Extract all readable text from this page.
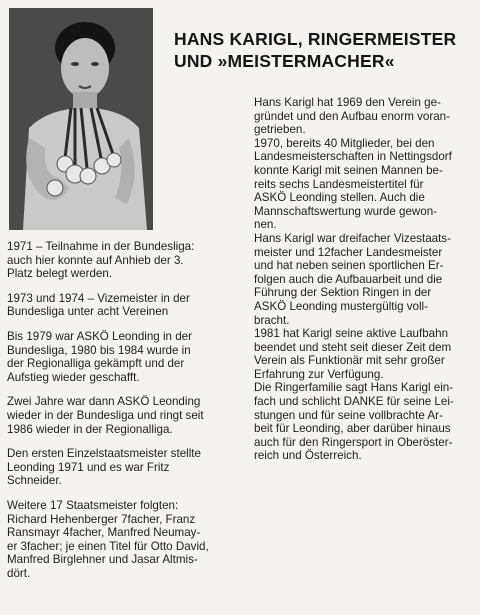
HANS KARIGL, RINGERMEISTER
UND »MEISTERMACHER«

Hans Karigl hat 1969 den Verein ge-
gründet und den Aufbau enorm voran-
getrieben.
1970, bereits 40 Mitglieder, bei den
Landesmeisterschaften in Nettingsdorf
konnte Karigl mit seinen Mannen be-
reits sechs Landesmeistertitel für
ASKÖ Leonding stellen. Auch die
Mannschaftswertung wurde gewon-
nen.
Hans Karigl war dreifacher Vizestaats-
meister und 12facher Landesmeister
und hat neben seinen sportlichen Er-
folgen auch die Aufbauarbeit und die
Führung der Sektion Ringen in der
ASKÖ Leonding mustergültig voll-
bracht.
1981 hat Karigl seine aktive Laufbahn
beendet und steht seit dieser Zeit dem
Verein als Funktionär mit sehr großer
Erfahrung zur Verfügung.
Die Ringerfamilie sagt Hans Karigl ein-
fach und schlicht DANKE für seine Lei-
stungen und für seine vollbrachte Ar-
beit für Leonding, aber darüber hinaus
auch für den Ringersport in Oberöster-
reich und Österreich.

1971 – Teilnahme in der Bundesliga:
auch hier konnte auf Anhieb der 3.
Platz belegt werden.

1973 und 1974 – Vizemeister in der
Bundesliga unter acht Vereinen

Bis 1979 war ASKÖ Leonding in der
Bundesliga, 1980 bis 1984 wurde in
der Regionalliga gekämpft und der
Aufstieg wieder geschafft.

Zwei Jahre war dann ASKÖ Leonding
wieder in der Bundesliga und ringt seit
1986 wieder in der Regionalliga.

Den ersten Einzelstaatsmeister stellte
Leonding 1971 und es war Fritz
Schneider.

Weitere 17 Staatsmeister folgten:
Richard Hehenberger 7facher, Franz
Ransmayr 4facher, Manfred Neumay-
er 3facher; je einen Titel für Otto David,
Manfred Birglehner und Jasar Altmis-
dört.
